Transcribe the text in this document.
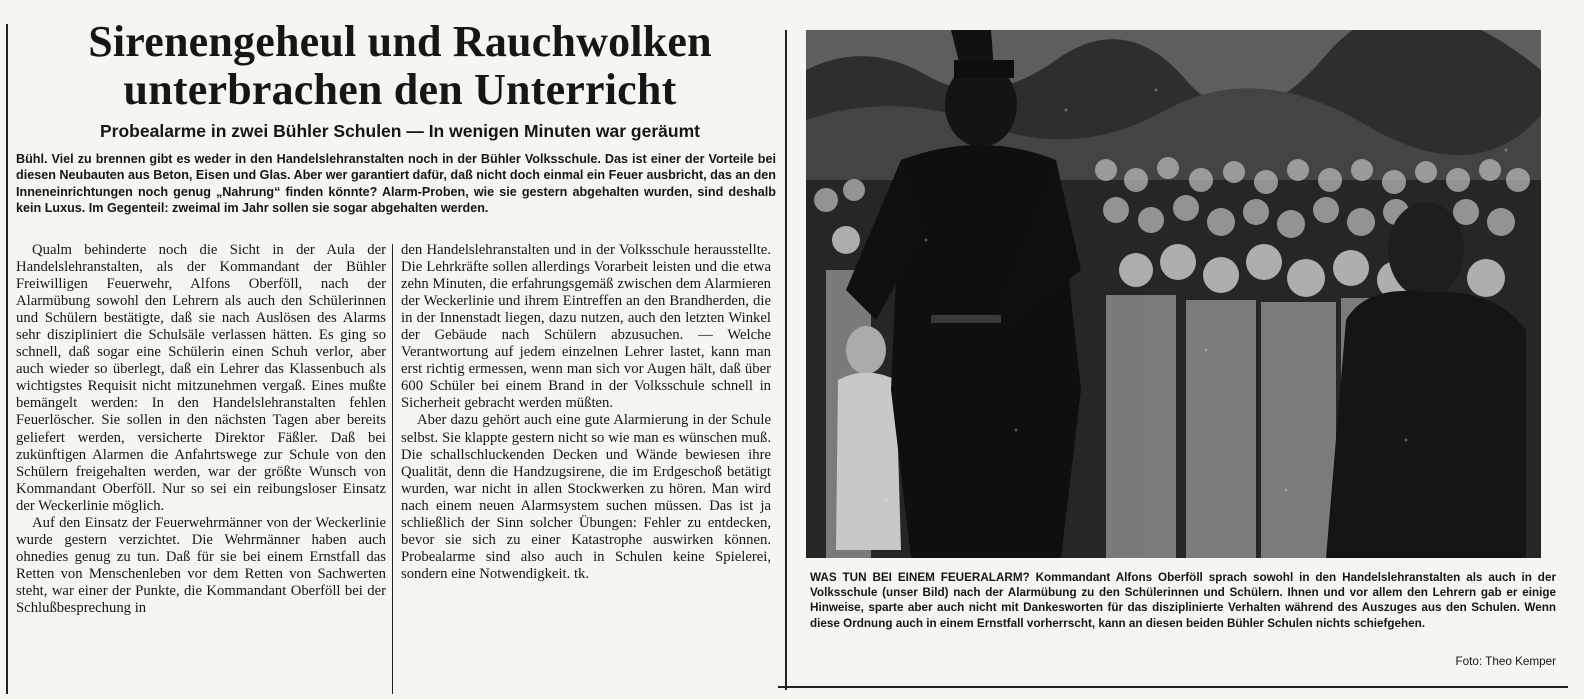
Sirenengeheul und Rauchwolken
unterbrachen den Unterricht
Probealarme in zwei Bühler Schulen — In wenigen Minuten war geräumt
Bühl. Viel zu brennen gibt es weder in den Handelslehranstalten noch in der Bühler Volksschule. Das ist einer der Vorteile bei diesen Neubauten aus Beton, Eisen und Glas. Aber wer garantiert dafür, daß nicht doch einmal ein Feuer ausbricht, das an den Inneneinrichtungen noch genug „Nahrung“ finden könnte? Alarm-Proben, wie sie gestern abgehalten wurden, sind deshalb kein Luxus. Im Gegenteil: zweimal im Jahr sollen sie sogar abgehalten werden.

Qualm behinderte noch die Sicht in der Aula der Handelslehranstalten, als der Kommandant der Bühler Freiwilligen Feuerwehr, Alfons Oberföll, nach der Alarmübung sowohl den Lehrern als auch den Schülerinnen und Schülern bestätigte, daß sie nach Auslösen des Alarms sehr diszipliniert die Schulsäle verlassen hätten. Es ging so schnell, daß sogar eine Schülerin einen Schuh verlor, aber auch wieder so überlegt, daß ein Lehrer das Klassenbuch als wichtigstes Requisit nicht mitzunehmen vergaß. Eines mußte bemängelt werden: In den Handelslehranstalten fehlen Feuerlöscher. Sie sollen in den nächsten Tagen aber bereits geliefert werden, versicherte Direktor Fäßler. Daß bei zukünftigen Alarmen die Anfahrtswege zur Schule von den Schülern freigehalten werden, war der größte Wunsch von Kommandant Oberföll. Nur so sei ein reibungsloser Einsatz der Weckerlinie möglich.

Auf den Einsatz der Feuerwehrmänner von der Weckerlinie wurde gestern verzichtet. Die Wehrmänner haben auch ohnedies genug zu tun. Daß für sie bei einem Ernstfall das Retten von Menschenleben vor dem Retten von Sachwerten steht, war einer der Punkte, die Kommandant Oberföll bei der Schlußbesprechung in

den Handelslehranstalten und in der Volksschule herausstellte. Die Lehrkräfte sollen allerdings Vorarbeit leisten und die etwa zehn Minuten, die erfahrungsgemäß zwischen dem Alarmieren der Weckerlinie und ihrem Eintreffen an den Brandherden, die in der Innenstadt liegen, dazu nutzen, auch den letzten Winkel der Gebäude nach Schülern abzusuchen. — Welche Verantwortung auf jedem einzelnen Lehrer lastet, kann man erst richtig ermessen, wenn man sich vor Augen hält, daß über 600 Schüler bei einem Brand in der Volksschule schnell in Sicherheit gebracht werden müßten.

Aber dazu gehört auch eine gute Alarmierung in der Schule selbst. Sie klappte gestern nicht so wie man es wünschen muß. Die schallschluckenden Decken und Wände bewiesen ihre Qualität, denn die Handzugsirene, die im Erdgeschoß betätigt wurden, war nicht in allen Stockwerken zu hören. Man wird nach einem neuen Alarmsystem suchen müssen. Das ist ja schließlich der Sinn solcher Übungen: Fehler zu entdecken, bevor sie sich zu einer Katastrophe auswirken können. Probealarme sind also auch in Schulen keine Spielerei, sondern eine Notwendigkeit. tk.	WAS TUN BEI EINEM FEUERALARM? Kommandant Alfons Oberföll sprach sowohl in den Handelslehranstalten als auch in der Volksschule (unser Bild) nach der Alarmübung zu den Schülerinnen und Schülern. Ihnen und vor allem den Lehrern gab er einige Hinweise, sparte aber auch nicht mit Dankesworten für das disziplinierte Verhalten während des Auszuges aus den Schulen. Wenn diese Ordnung auch in einem Ernstfall vorherrscht, kann an diesen beiden Bühler Schulen nichts schiefgehen.
Foto: Theo Kemper
